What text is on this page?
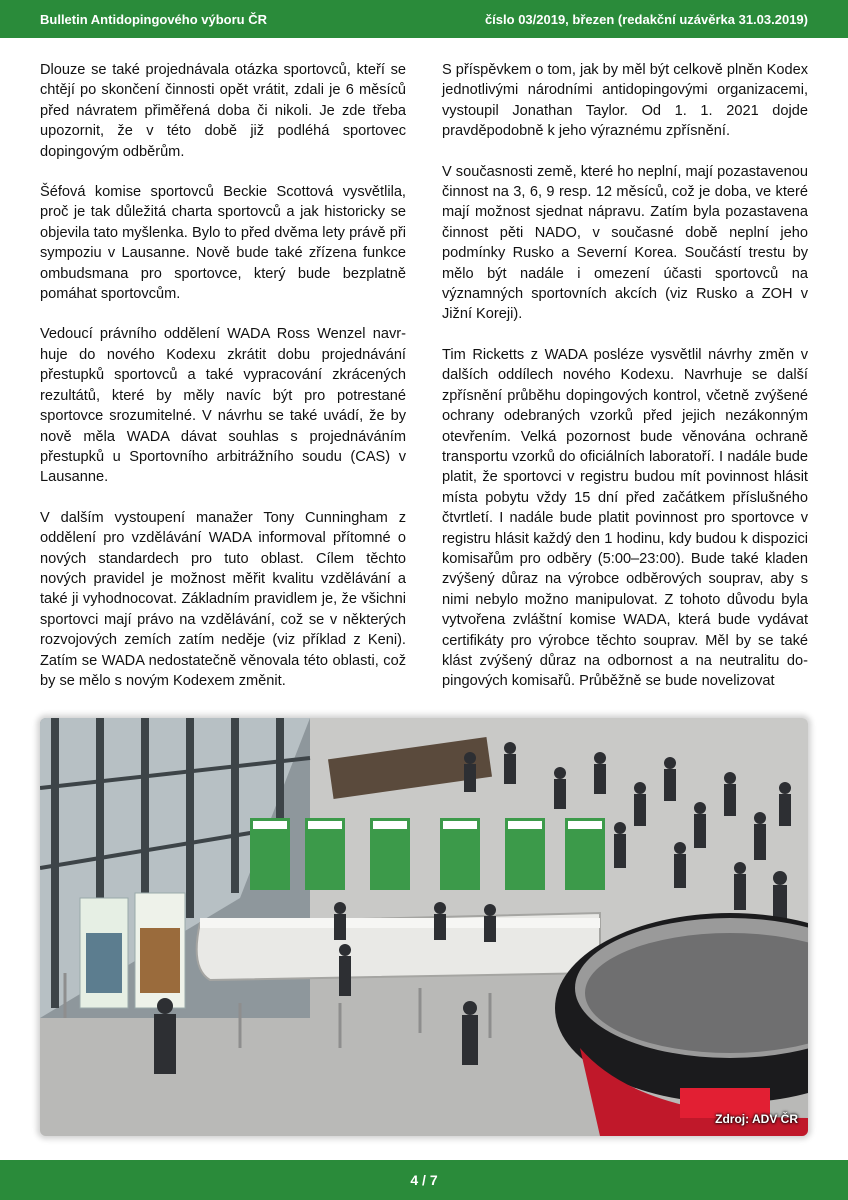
Bulletin Antidopingového výboru ČR	číslo 03/2019, březen (redakční uzávěrka 31.03.2019)

Dlouze se také projednávala otázka sportovců, kteří se chtějí po skončení činnosti opět vrátit, zdali je 6 měsíců před návratem přiměřená doba či nikoli. Je zde třeba upozornit, že v této době již podléhá sportovec dopingovým odběrům.

Šéfová komise sportovců Beckie Scottová vysvětlila, proč je tak důležitá charta sportovců a jak historicky se objevila tato myšlenka. Bylo to před dvěma lety právě při sympoziu v Lausanne. Nově bude také zřízena funkce ombudsmana pro sportovce, který bude bezplatně pomáhat sportovcům.

Vedoucí právního oddělení WADA Ross Wenzel navrhuje do nového Kodexu zkrátit dobu projednávání přestupků sportovců a také vypracování zkrácených rezultátů, které by měly navíc být pro potrestаné sportovce srozumitelné. V návrhu se také uvádí, že by nově měla WADA dávat souhlas s projednáváním přestupků u Sportovního arbitrážního soudu (CAS) v Lausanne.

V dalším vystoupení manažer Tony Cunningham z oddělení pro vzdělávání WADA informoval přítomné o nových standardech pro tuto oblast. Cílem těchto nových pravidel je možnost měřit kvalitu vzdělávání a také ji vyhodnocovat. Základním pravidlem je, že všichni sportovci mají právo na vzdělávání, což se v některých rozvojových zemích zatím neděje (viz příklad z Keni). Zatím se WADA nedostatečně věnovala této oblasti, což by se mělo s novým Kodexem změnit.

S příspěvkem o tom, jak by měl být celkově plněn Kodex jednotlivými národními antidopingovými organizacemi, vystoupil Jonathan Taylor. Od 1. 1. 2021 dojde pravděpodobně k jeho výraznému zpřísnění.

V současnosti země, které ho neplní, mají pozastavenou činnost na 3, 6, 9 resp. 12 měsíců, což je doba, ve které mají možnost sjednat nápravu. Zatím byla pozastavena činnost pěti NADO, v současné době neplní jeho podmínky Rusko a Severní Korea. Součástí trestu by mělo být nadále i omezení účasti sportovců na významných sportovních akcích (viz Rusko a ZOH v Jižní Koreji).

Tim Ricketts z WADA posléze vysvětlil návrhy změn v dalších oddílech nového Kodexu. Navrhuje se další zpřísnění průběhu dopingových kontrol, včetně zvýšené ochrany odebraných vzorků před jejich nezákonným otevřením. Velká pozornost bude věnována ochraně transportu vzorků do oficiálních laboratoří. I nadále bude platit, že sportovci v registru budou mít povinnost hlásit místa pobytu vždy 15 dní před začátkem příslušného čtvrtletí. I nadále bude platit povinnost pro sportovce v registru hlásit každý den 1 hodinu, kdy budou k dispozici komisařům pro odběry (5:00–23:00). Bude také kladen zvýšený důraz na výrobce odběrových souprav, aby s nimi nebylo možno manipulovat. Z tohoto důvodu byla vytvořena zvláštní komise WADA, která bude vydávat certifikáty pro výrobce těchto souprav. Měl by se také klást zvýšený důraz na odbornost a na neutralitu dopingových komisařů. Průběžně se bude novelizovat

Zdroj: ADV ČR
4 / 7
